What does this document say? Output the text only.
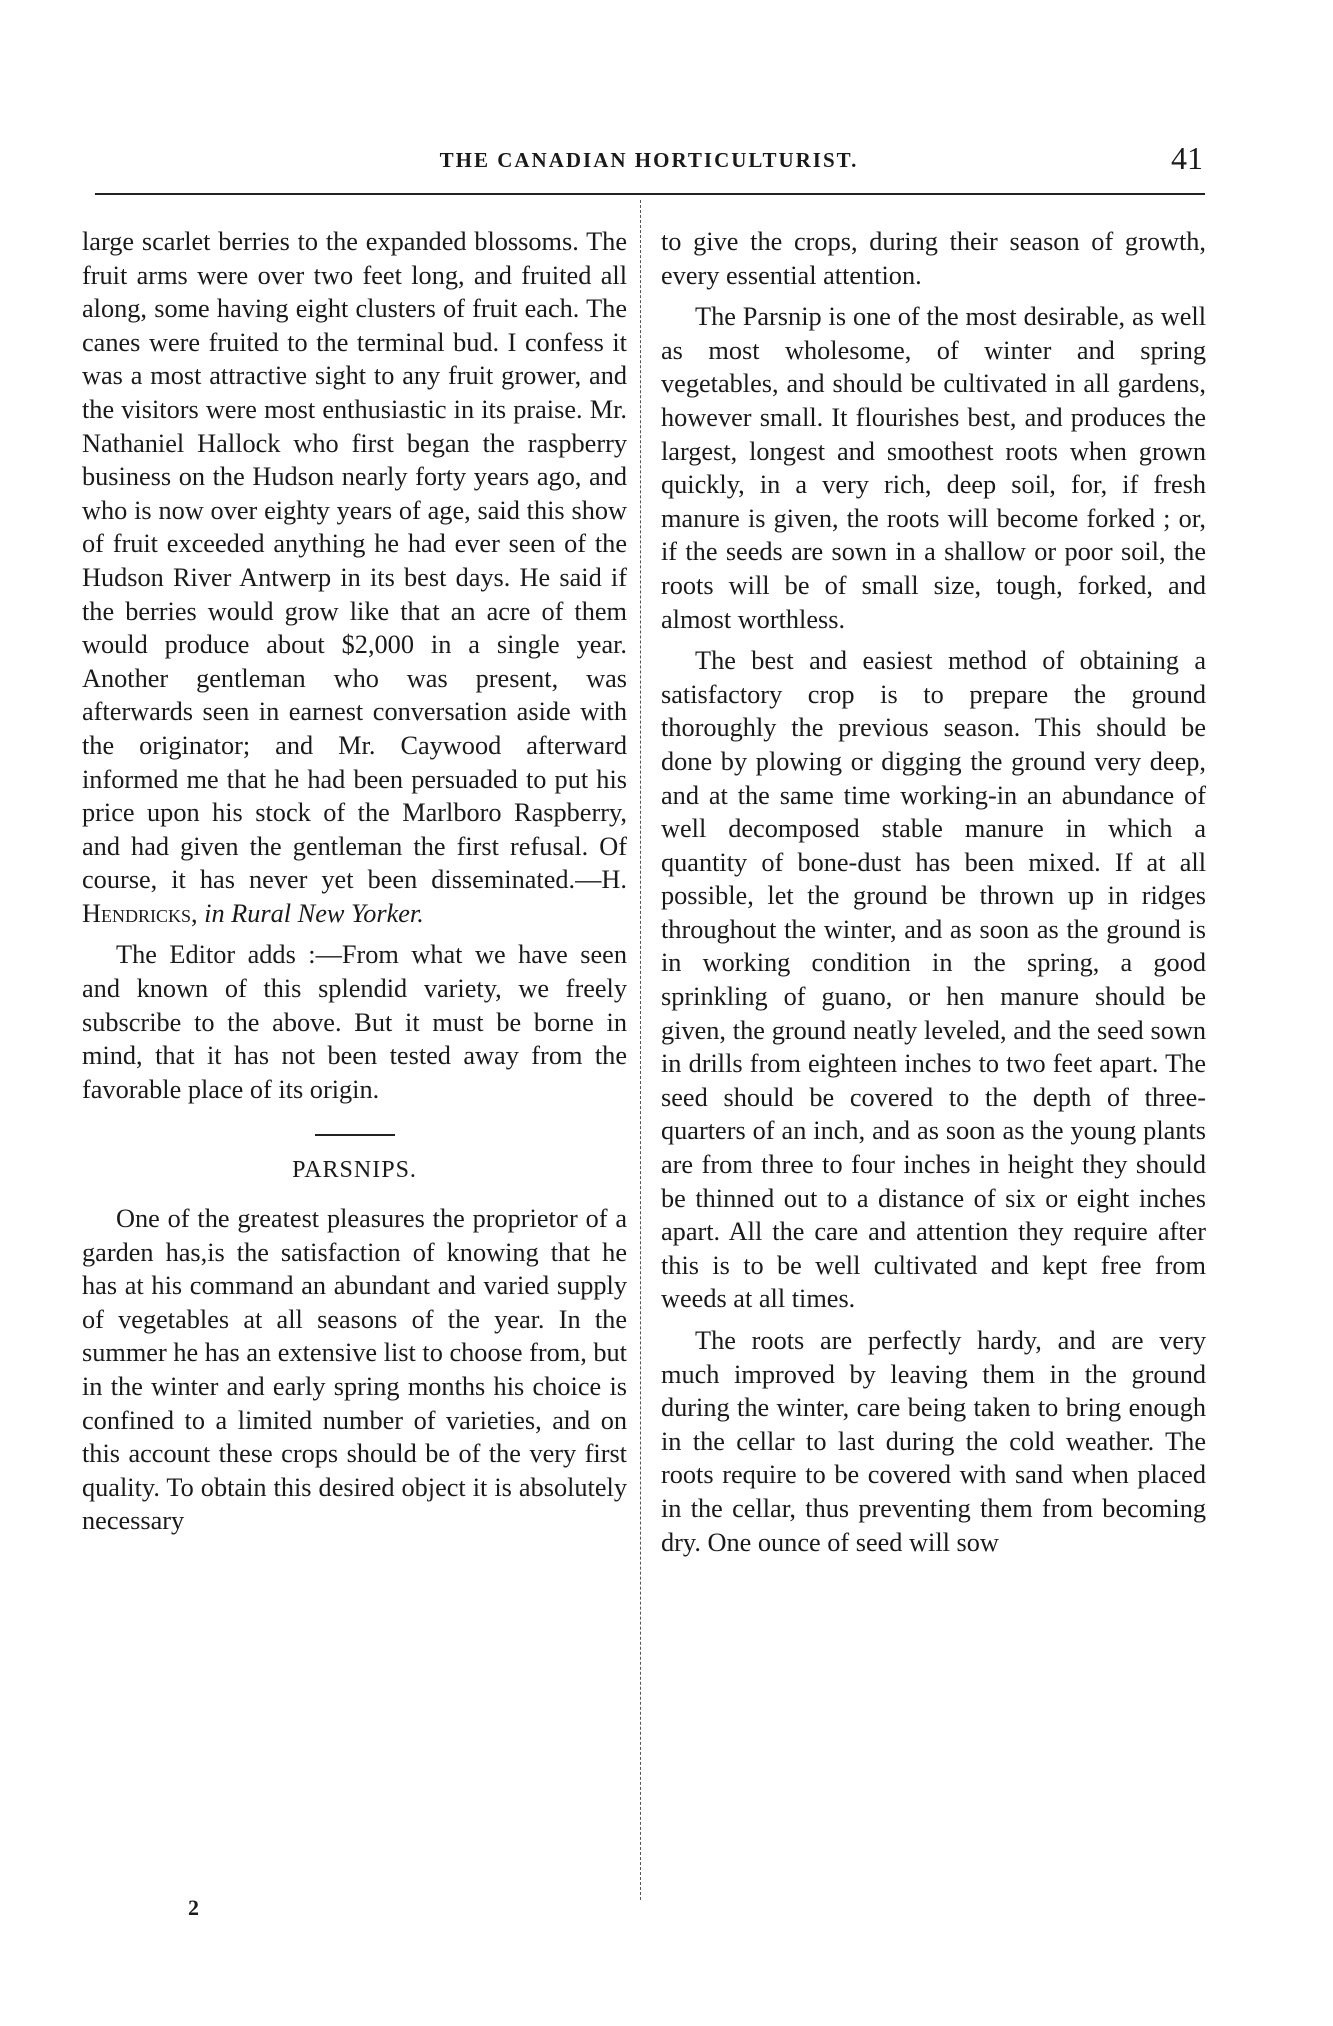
THE CANADIAN HORTICULTURIST.	41

large scarlet berries to the expanded blossoms. The fruit arms were over two feet long, and fruited all along, some having eight clusters of fruit each. The canes were fruited to the terminal bud. I confess it was a most attractive sight to any fruit grower, and the visitors were most enthusiastic in its praise. Mr. Nathaniel Hallock who first began the raspberry business on the Hudson nearly forty years ago, and who is now over eighty years of age, said this show of fruit exceeded anything he had ever seen of the Hudson River Antwerp in its best days. He said if the berries would grow like that an acre of them would produce about $2,000 in a single year. Another gentleman who was present, was afterwards seen in earnest conversation aside with the originator; and Mr. Caywood afterward informed me that he had been persuaded to put his price upon his stock of the Marlboro Raspberry, and had given the gentleman the first refusal. Of course, it has never yet been disseminated.—H. Hendricks, in Rural New Yorker.

The Editor adds :—From what we have seen and known of this splendid variety, we freely subscribe to the above. But it must be borne in mind, that it has not been tested away from the favorable place of its origin.

PARSNIPS.

One of the greatest pleasures the proprietor of a garden has,is the satisfaction of knowing that he has at his command an abundant and varied supply of vegetables at all seasons of the year. In the summer he has an extensive list to choose from, but in the winter and early spring months his choice is confined to a limited number of varieties, and on this account these crops should be of the very first quality. To obtain this desired object it is absolutely necessary

to give the crops, during their season of growth, every essential attention.

The Parsnip is one of the most desirable, as well as most wholesome, of winter and spring vegetables, and should be cultivated in all gardens, however small. It flourishes best, and produces the largest, longest and smoothest roots when grown quickly, in a very rich, deep soil, for, if fresh manure is given, the roots will become forked ; or, if the seeds are sown in a shallow or poor soil, the roots will be of small size, tough, forked, and almost worthless.

The best and easiest method of obtaining a satisfactory crop is to prepare the ground thoroughly the previous season. This should be done by plowing or digging the ground very deep, and at the same time working-in an abundance of well decomposed stable manure in which a quantity of bone-dust has been mixed. If at all possible, let the ground be thrown up in ridges throughout the winter, and as soon as the ground is in working condition in the spring, a good sprinkling of guano, or hen manure should be given, the ground neatly leveled, and the seed sown in drills from eighteen inches to two feet apart. The seed should be covered to the depth of three-quarters of an inch, and as soon as the young plants are from three to four inches in height they should be thinned out to a distance of six or eight inches apart. All the care and attention they require after this is to be well cultivated and kept free from weeds at all times.

The roots are perfectly hardy, and are very much improved by leaving them in the ground during the winter, care being taken to bring enough in the cellar to last during the cold weather. The roots require to be covered with sand when placed in the cellar, thus preventing them from becoming dry. One ounce of seed will sow

2
